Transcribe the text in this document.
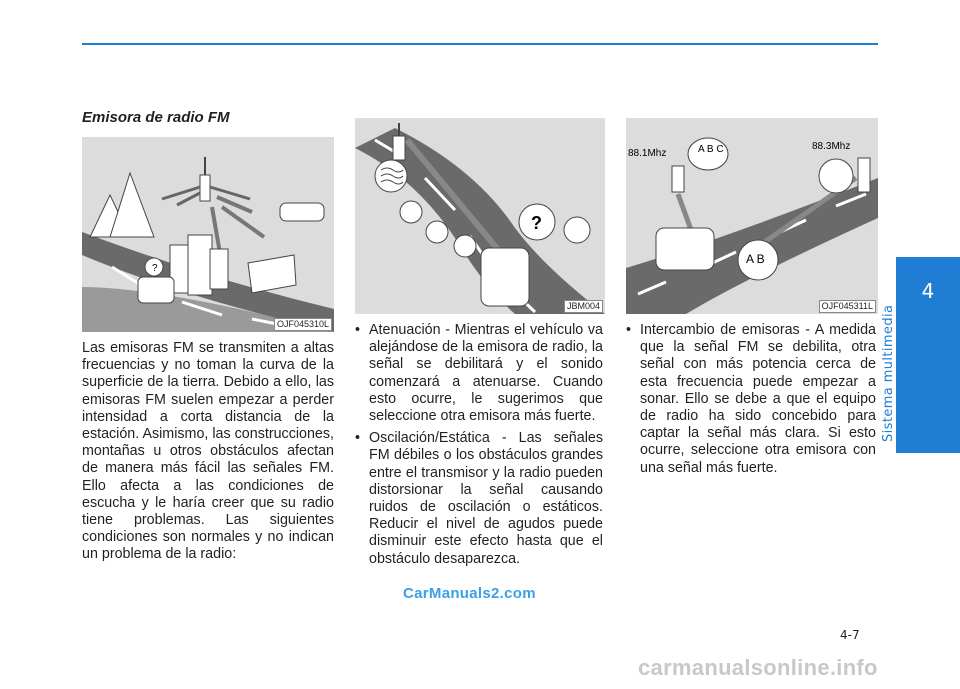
4
Sistema multimedia
Emisora de radio FM
?
OJF045310L
?
JBM004
A B C
A B
88.1Mhz
88.3Mhz
OJF045311L

Las emisoras FM se transmiten a altas frecuencias y no toman la curva de la superficie de la tierra. Debido a ello, las emisoras FM suelen empezar a perder intensidad a corta distancia de la estación. Asimismo, las construcciones, montañas u otros obstáculos afectan de manera más fácil las señales FM. Ello afecta a las condiciones de escucha y le haría creer que su radio tiene problemas. Las siguientes condiciones son normales y no indican un problema de la radio:

• Atenuación - Mientras el vehículo va alejándose de la emisora de radio, la señal se debilitará y el sonido comenzará a atenuarse. Cuando esto ocurre, le sugerimos que seleccione otra emisora más fuerte.
• Oscilación/Estática - Las señales FM débiles o los obstáculos grandes entre el transmisor y la radio pueden distorsionar la señal causando ruidos de oscilación o estáticos. Reducir el nivel de agudos puede disminuir este efecto hasta que el obstáculo desaparezca.
• Intercambio de emisoras - A medida que la señal FM se debilita, otra señal con más potencia cerca de esta frecuencia puede empezar a sonar. Ello se debe a que el equipo de radio ha sido concebido para captar la señal más clara. Si esto ocurre, seleccione otra emisora con una señal más fuerte.
CarManuals2.com
4-7
carmanualsonline.info
